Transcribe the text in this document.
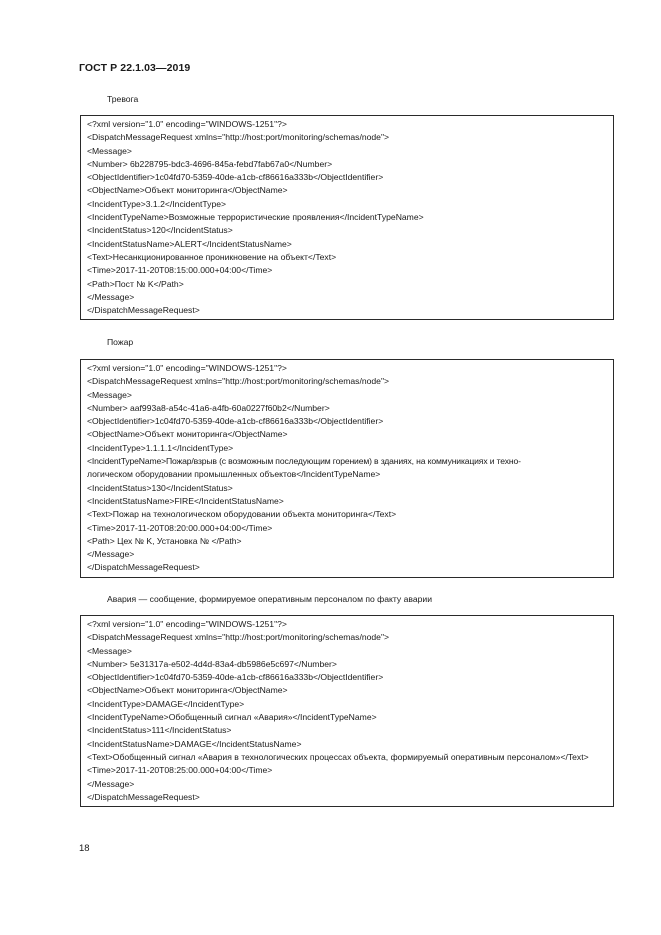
ГОСТ Р 22.1.03—2019
Тревога
<?xml version="1.0" encoding="WINDOWS-1251"?>
<DispatchMessageRequest xmlns="http://host:port/monitoring/schemas/node">
<Message>
<Number> 6b228795-bdc3-4696-845a-febd7fab67a0</Number>
<ObjectIdentifier>1c04fd70-5359-40de-a1cb-cf86616a333b</ObjectIdentifier>
<ObjectName>Объект мониторинга</ObjectName>
<IncidentType>3.1.2</IncidentType>
<IncidentTypeName>Возможные террористические проявления</IncidentTypeName>
<IncidentStatus>120</IncidentStatus>
<IncidentStatusName>ALERT</IncidentStatusName>
<Text>Несанкционированное проникновение на объект</Text>
<Time>2017-11-20T08:15:00.000+04:00</Time>
<Path>Пост № K</Path>
</Message>
</DispatchMessageRequest>
Пожар
<?xml version="1.0" encoding="WINDOWS-1251"?>
<DispatchMessageRequest xmlns="http://host:port/monitoring/schemas/node">
<Message>
<Number> aaf993a8-a54c-41a6-a4fb-60a0227f60b2</Number>
<ObjectIdentifier>1c04fd70-5359-40de-a1cb-cf86616a333b</ObjectIdentifier>
<ObjectName>Объект мониторинга</ObjectName>
<IncidentType>1.1.1.1</IncidentType>
<IncidentTypeName>Пожар/взрыв (с возможным последующим горением) в зданиях, на коммуникациях и техно-
логическом оборудовании промышленных объектов</IncidentTypeName>
<IncidentStatus>130</IncidentStatus>
<IncidentStatusName>FIRE</IncidentStatusName>
<Text>Пожар на технологическом оборудовании объекта мониторинга</Text>
<Time>2017-11-20T08:20:00.000+04:00</Time>
<Path> Цех № K, Установка № </Path>
</Message>
</DispatchMessageRequest>
Авария — сообщение, формируемое оперативным персоналом по факту аварии
<?xml version="1.0" encoding="WINDOWS-1251"?>
<DispatchMessageRequest xmlns="http://host:port/monitoring/schemas/node">
<Message>
<Number> 5e31317a-e502-4d4d-83a4-db5986e5c697</Number>
<ObjectIdentifier>1c04fd70-5359-40de-a1cb-cf86616a333b</ObjectIdentifier>
<ObjectName>Объект мониторинга</ObjectName>
<IncidentType>DAMAGE</IncidentType>
<IncidentTypeName>Обобщенный сигнал «Авария»</IncidentTypeName>
<IncidentStatus>111</IncidentStatus>
<IncidentStatusName>DAMAGE</IncidentStatusName>
<Text>Обобщенный сигнал «Авария в технологических процессах объекта, формируемый оперативным персоналом»</Text>
<Time>2017-11-20T08:25:00.000+04:00</Time>
</Message>
</DispatchMessageRequest>
18
